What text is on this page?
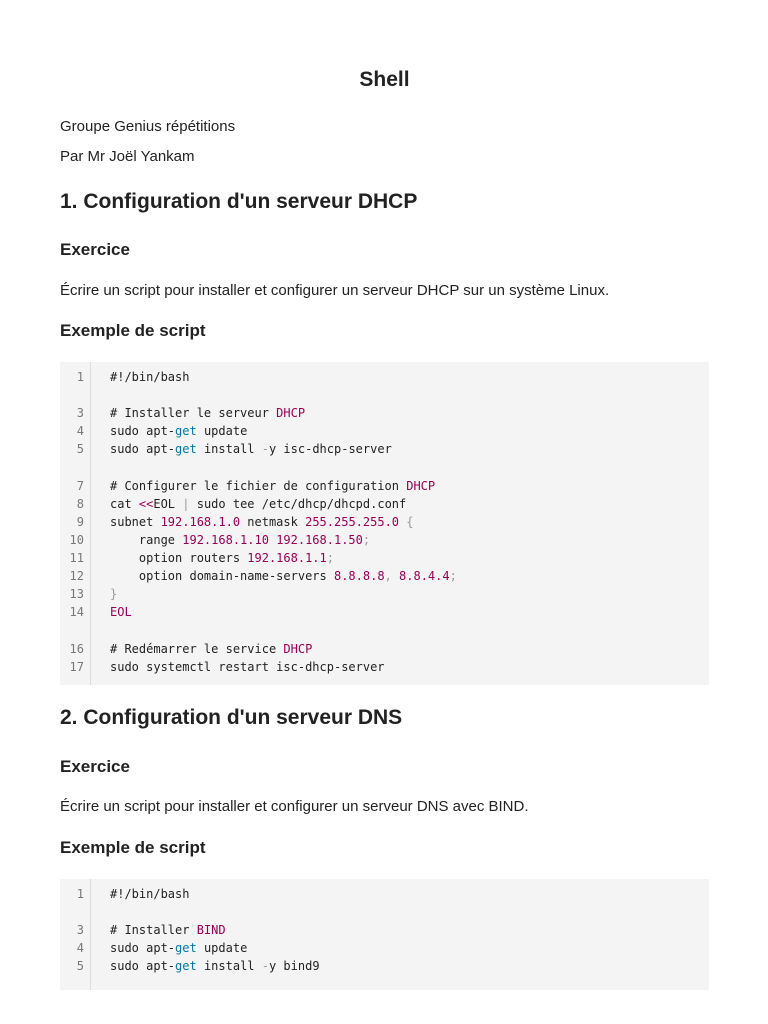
Shell

Groupe Genius répétitions

Par Mr Joël Yankam

1. Configuration d'un serveur DHCP
Exercice

Écrire un script pour installer et configurer un serveur DHCP sur un système Linux.

Exemple de script
1 #!/bin/bash
3 # Installer le serveur DHCP
4 sudo apt-get update
5 sudo apt-get install -y isc-dhcp-server
7 # Configurer le fichier de configuration DHCP
8 cat <<EOL | sudo tee /etc/dhcp/dhcpd.conf
9 subnet 192.168.1.0 netmask 255.255.255.0 {
10 range 192.168.1.10 192.168.1.50;
11 option routers 192.168.1.1;
12 option domain-name-servers 8.8.8.8, 8.8.4.4;
13 }
14 EOL
16 # Redémarrer le service DHCP
17 sudo systemctl restart isc-dhcp-server
2. Configuration d'un serveur DNS
Exercice

Écrire un script pour installer et configurer un serveur DNS avec BIND.

Exemple de script
1 #!/bin/bash
3 # Installer BIND
4 sudo apt-get update
5 sudo apt-get install -y bind9
